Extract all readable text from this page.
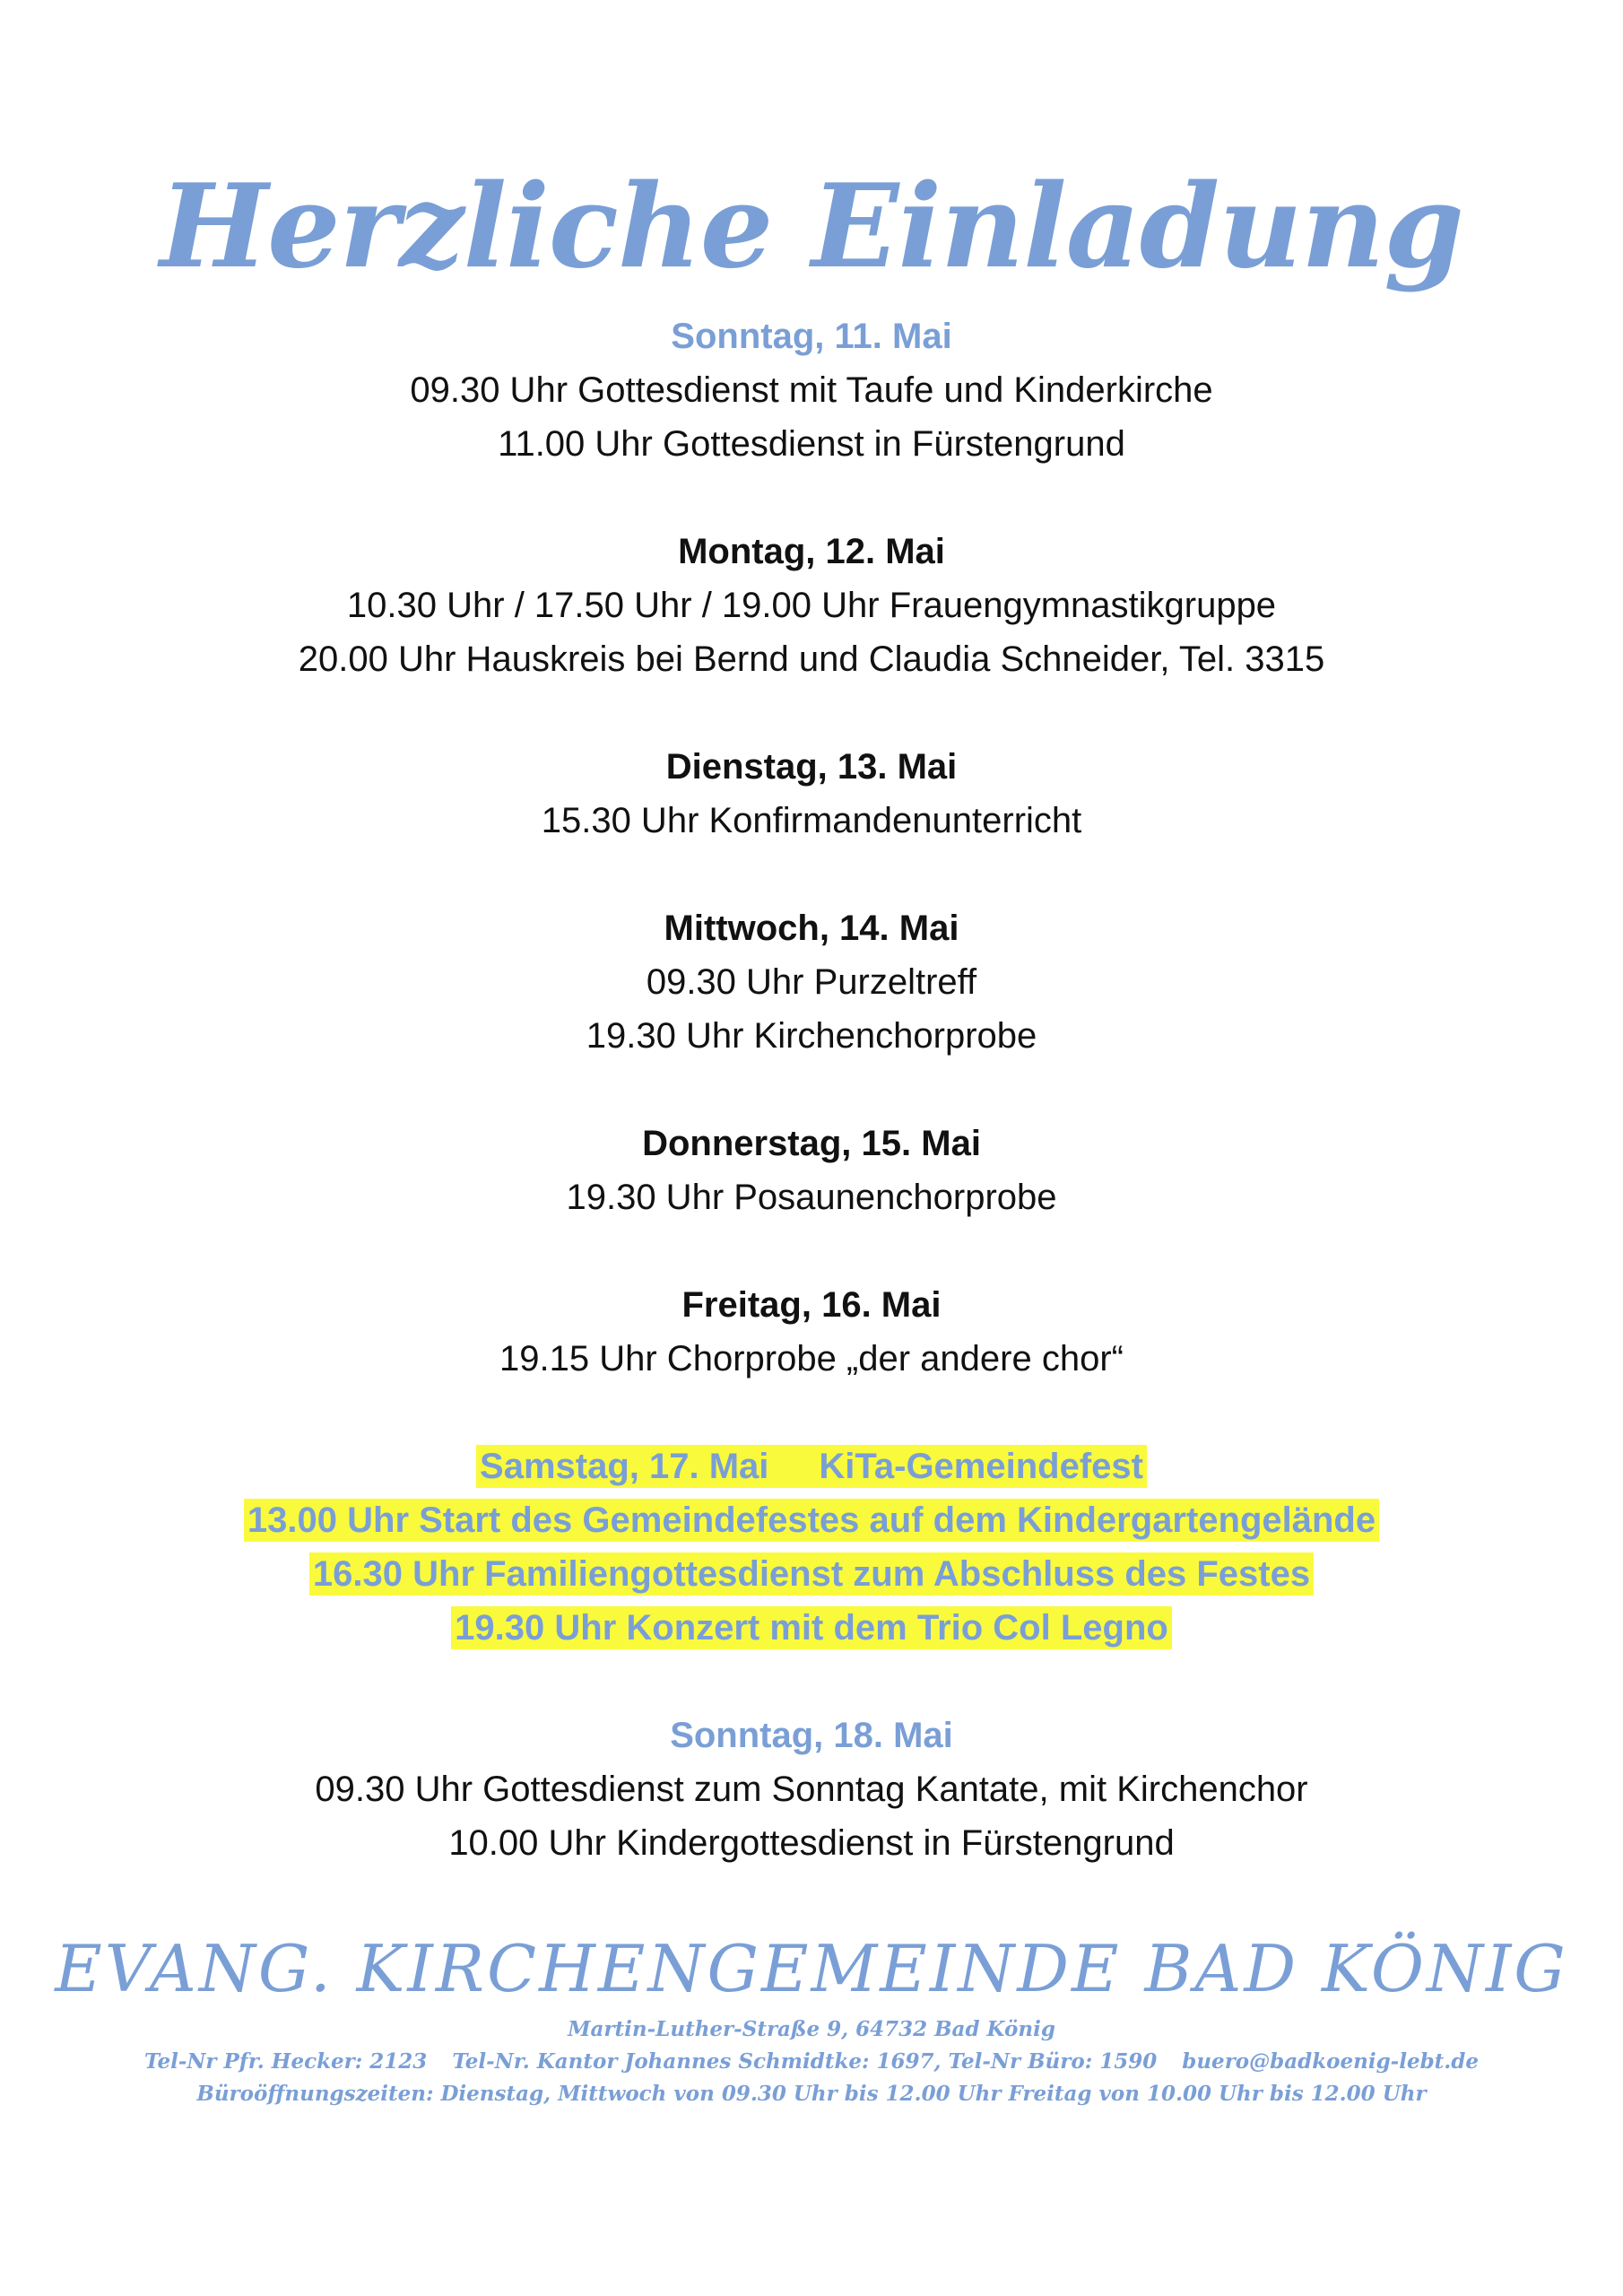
Herzliche Einladung
Sonntag, 11. Mai
09.30 Uhr Gottesdienst mit Taufe und Kinderkirche
11.00 Uhr Gottesdienst in Fürstengrund
Montag, 12. Mai
10.30 Uhr / 17.50 Uhr / 19.00 Uhr Frauengymnastikgruppe
20.00 Uhr Hauskreis bei Bernd und Claudia Schneider, Tel. 3315
Dienstag, 13. Mai
15.30 Uhr Konfirmandenunterricht
Mittwoch, 14. Mai
09.30 Uhr Purzeltreff
19.30 Uhr Kirchenchorprobe
Donnerstag, 15. Mai
19.30 Uhr Posaunenchorprobe
Freitag, 16. Mai
19.15 Uhr Chorprobe „der andere chor“
Samstag, 17. Mai KiTa-Gemeindefest
13.00 Uhr Start des Gemeindefestes auf dem Kindergartengelände
16.30 Uhr Familiengottesdienst zum Abschluss des Festes
19.30 Uhr Konzert mit dem Trio Col Legno
Sonntag, 18. Mai
09.30 Uhr Gottesdienst zum Sonntag Kantate, mit Kirchenchor
10.00 Uhr Kindergottesdienst in Fürstengrund

EVANG. KIRCHENGEMEINDE BAD KÖNIG

Martin-Luther-Straße 9, 64732 Bad König
Tel-Nr Pfr. Hecker: 2123 Tel-Nr. Kantor Johannes Schmidtke: 1697, Tel-Nr Büro: 1590 buero@badkoenig-lebt.de
Büroöffnungszeiten: Dienstag, Mittwoch von 09.30 Uhr bis 12.00 Uhr Freitag von 10.00 Uhr bis 12.00 Uhr
